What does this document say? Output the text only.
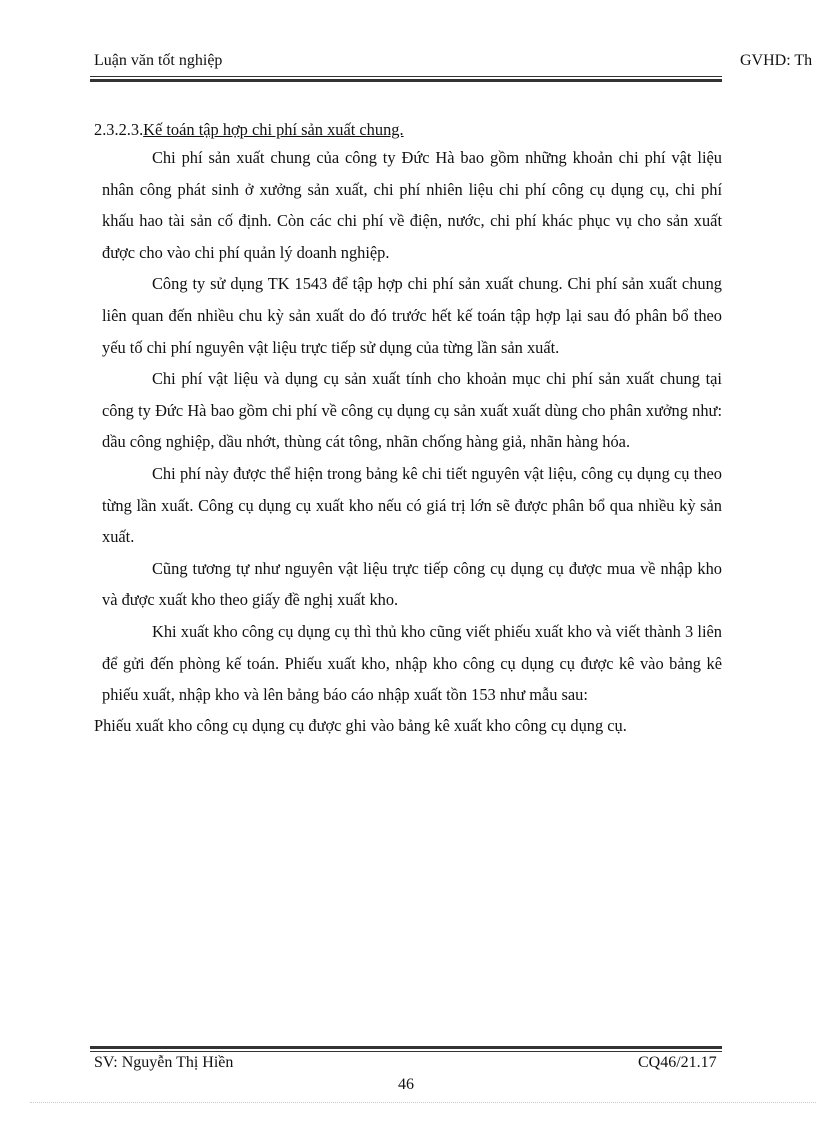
Luận văn tốt nghiệp	GVHD: Th

2.3.2.3.Kế toán tập hợp chi phí sản xuất chung.

Chi phí sản xuất chung của công ty Đức Hà bao gồm những khoản chi phí vật liệu nhân công phát sinh ở xưởng sản xuất, chi phí nhiên liệu chi phí công cụ dụng cụ, chi phí khấu hao tài sản cố định. Còn các chi phí về điện, nước, chi phí khác phục vụ cho sản xuất được cho vào chi phí quản lý doanh nghiệp.

Công ty sử dụng TK 1543 để tập hợp chi phí sản xuất chung. Chi phí sản xuất chung liên quan đến nhiều chu kỳ sản xuất do đó trước hết kế toán tập hợp lại sau đó phân bổ theo yếu tố chi phí nguyên vật liệu trực tiếp sử dụng của từng lần sản xuất.

Chi phí vật liệu và dụng cụ sản xuất tính cho khoản mục chi phí sản xuất chung tại công ty Đức Hà bao gồm chi phí về công cụ dụng cụ sản xuất xuất dùng cho phân xưởng như: dầu công nghiệp, dầu nhớt, thùng cát tông, nhãn chống hàng giả, nhãn hàng hóa.

Chi phí này được thể hiện trong bảng kê chi tiết nguyên vật liệu, công cụ dụng cụ theo từng lần xuất. Công cụ dụng cụ xuất kho nếu có giá trị lớn sẽ được phân bổ qua nhiều kỳ sản xuất.

Cũng tương tự như nguyên vật liệu trực tiếp công cụ dụng cụ được mua về nhập kho và được xuất kho theo giấy đề nghị xuất kho.

Khi xuất kho công cụ dụng cụ thì thủ kho cũng viết phiếu xuất kho và viết thành 3 liên để gửi đến phòng kế toán. Phiếu xuất kho, nhập kho công cụ dụng cụ được kê vào bảng kê phiếu xuất, nhập kho và lên bảng báo cáo nhập xuất tồn 153 như mẫu sau:

Phiếu xuất kho công cụ dụng cụ được ghi vào bảng kê xuất kho công cụ dụng cụ.

SV: Nguyễn Thị Hiền	CQ46/21.17
46
